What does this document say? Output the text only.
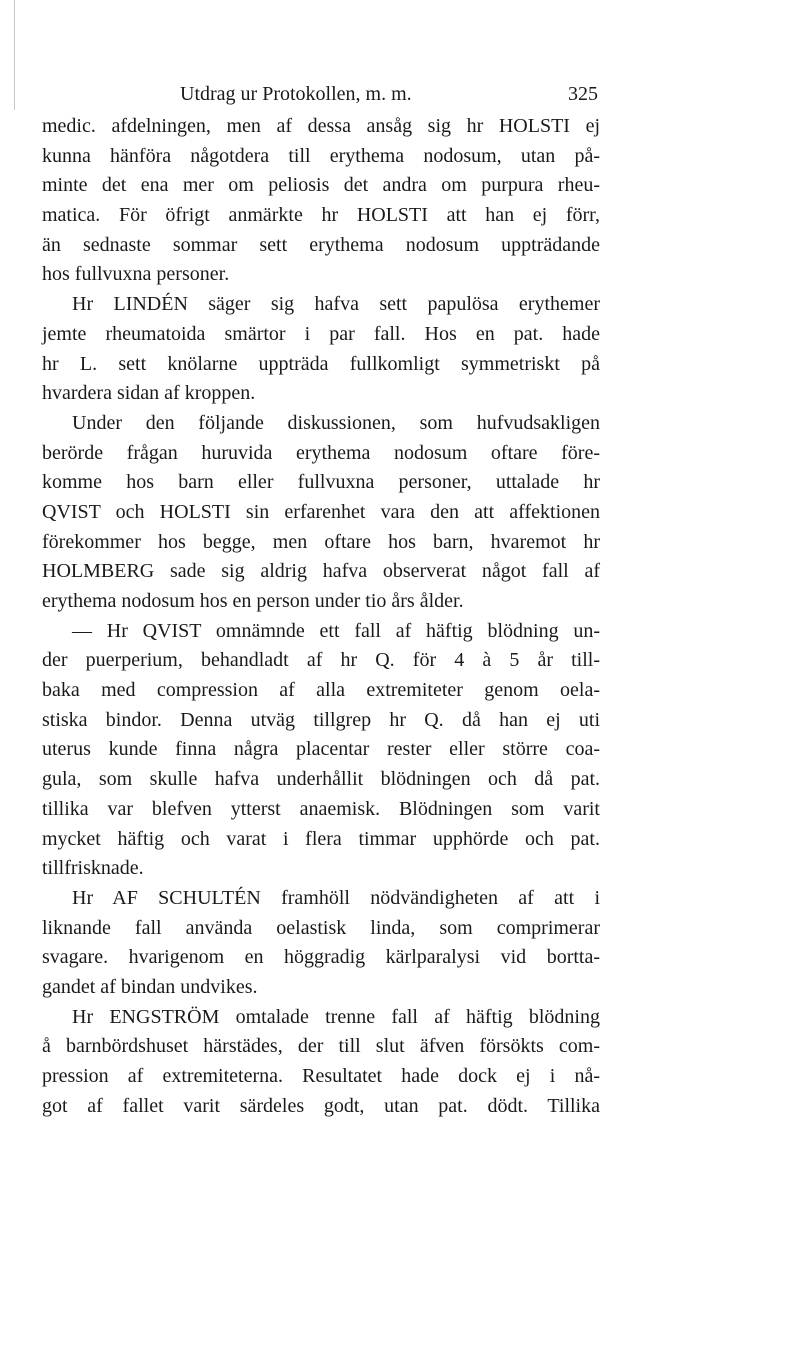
Utdrag ur Protokollen, m. m.	325
medic. afdelningen, men af dessa ansåg sig hr HOLSTI ej
kunna hänföra någotdera till erythema nodosum, utan på-
minte det ena mer om peliosis det andra om purpura rheu-
matica. För öfrigt anmärkte hr HOLSTI att han ej förr,
än sednaste sommar sett erythema nodosum uppträdande
hos fullvuxna personer.
Hr LINDÉN säger sig hafva sett papulösa erythemer
jemte rheumatoida smärtor i par fall. Hos en pat. hade
hr L. sett knölarne uppträda fullkomligt symmetriskt på
hvardera sidan af kroppen.
Under den följande diskussionen, som hufvudsakligen
berörde frågan huruvida erythema nodosum oftare före-
komme hos barn eller fullvuxna personer, uttalade hr
QVIST och HOLSTI sin erfarenhet vara den att affektionen
förekommer hos begge, men oftare hos barn, hvaremot hr
HOLMBERG sade sig aldrig hafva observerat något fall af
erythema nodosum hos en person under tio års ålder.
— Hr QVIST omnämnde ett fall af häftig blödning un-
der puerperium, behandladt af hr Q. för 4 à 5 år till-
baka med compression af alla extremiteter genom oela-
stiska bindor. Denna utväg tillgrep hr Q. då han ej uti
uterus kunde finna några placentar rester eller större coa-
gula, som skulle hafva underhållit blödningen och då pat.
tillika var blefven ytterst anaemisk. Blödningen som varit
mycket häftig och varat i flera timmar upphörde och pat.
tillfrisknade.
Hr AF SCHULTÉN framhöll nödvändigheten af att i
liknande fall använda oelastisk linda, som comprimerar
svagare. hvarigenom en höggradig kärlparalysi vid bortta-
gandet af bindan undvikes.
Hr ENGSTRÖM omtalade trenne fall af häftig blödning
å barnbördshuset härstädes, der till slut äfven försökts com-
pression af extremiteterna. Resultatet hade dock ej i nå-
got af fallet varit särdeles godt, utan pat. dödt. Tillika
